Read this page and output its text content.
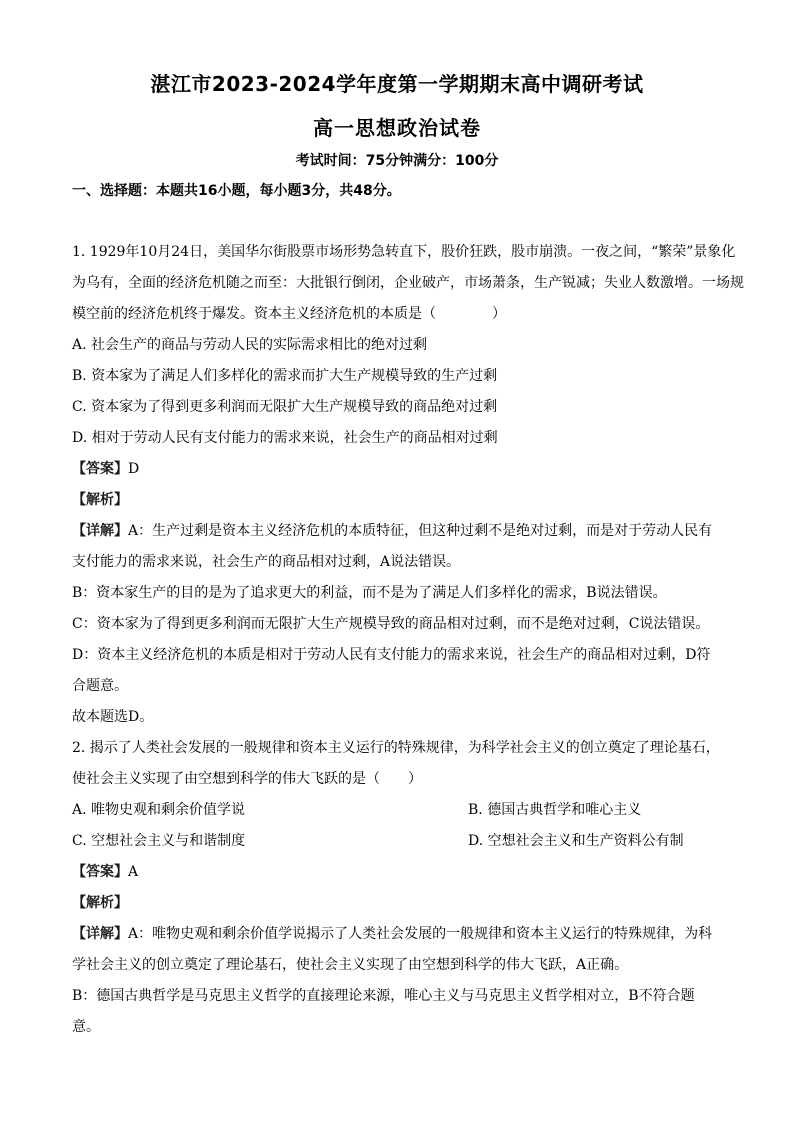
湛江市2023-2024学年度第一学期期末高中调研考试
高一思想政治试卷
考试时间：75分钟满分：100分
一、选择题：本题共16小题，每小题3分，共48分。
1. 1929年10月24日，美国华尔街股票市场形势急转直下，股价狂跌，股市崩溃。一夜之间，“繁荣”景象化
为乌有，全面的经济危机随之而至：大批银行倒闭，企业破产，市场萧条，生产锐减；失业人数激增。一场规
模空前的经济危机终于爆发。资本主义经济危机的本质是（　　　　）
A. 社会生产的商品与劳动人民的实际需求相比的绝对过剩
B. 资本家为了满足人们多样化的需求而扩大生产规模导致的生产过剩
C. 资本家为了得到更多利润而无限扩大生产规模导致的商品绝对过剩
D. 相对于劳动人民有支付能力的需求来说，社会生产的商品相对过剩
【答案】D
【解析】
【详解】A：生产过剩是资本主义经济危机的本质特征，但这种过剩不是绝对过剩，而是对于劳动人民有
支付能力的需求来说，社会生产的商品相对过剩，A说法错误。
B：资本家生产的目的是为了追求更大的利益，而不是为了满足人们多样化的需求，B说法错误。
C：资本家为了得到更多利润而无限扩大生产规模导致的商品相对过剩，而不是绝对过剩，C说法错误。
D：资本主义经济危机的本质是相对于劳动人民有支付能力的需求来说，社会生产的商品相对过剩，D符
合题意。
故本题选D。
2. 揭示了人类社会发展的一般规律和资本主义运行的特殊规律，为科学社会主义的创立奠定了理论基石，
使社会主义实现了由空想到科学的伟大飞跃的是（　　）
A. 唯物史观和剩余价值学说	B. 德国古典哲学和唯心主义
C. 空想社会主义与和谐制度	D. 空想社会主义和生产资料公有制
【答案】A
【解析】
【详解】A：唯物史观和剩余价值学说揭示了人类社会发展的一般规律和资本主义运行的特殊规律，为科
学社会主义的创立奠定了理论基石，使社会主义实现了由空想到科学的伟大飞跃，A正确。
B：德国古典哲学是马克思主义哲学的直接理论来源，唯心主义与马克思主义哲学相对立，B不符合题
意。
